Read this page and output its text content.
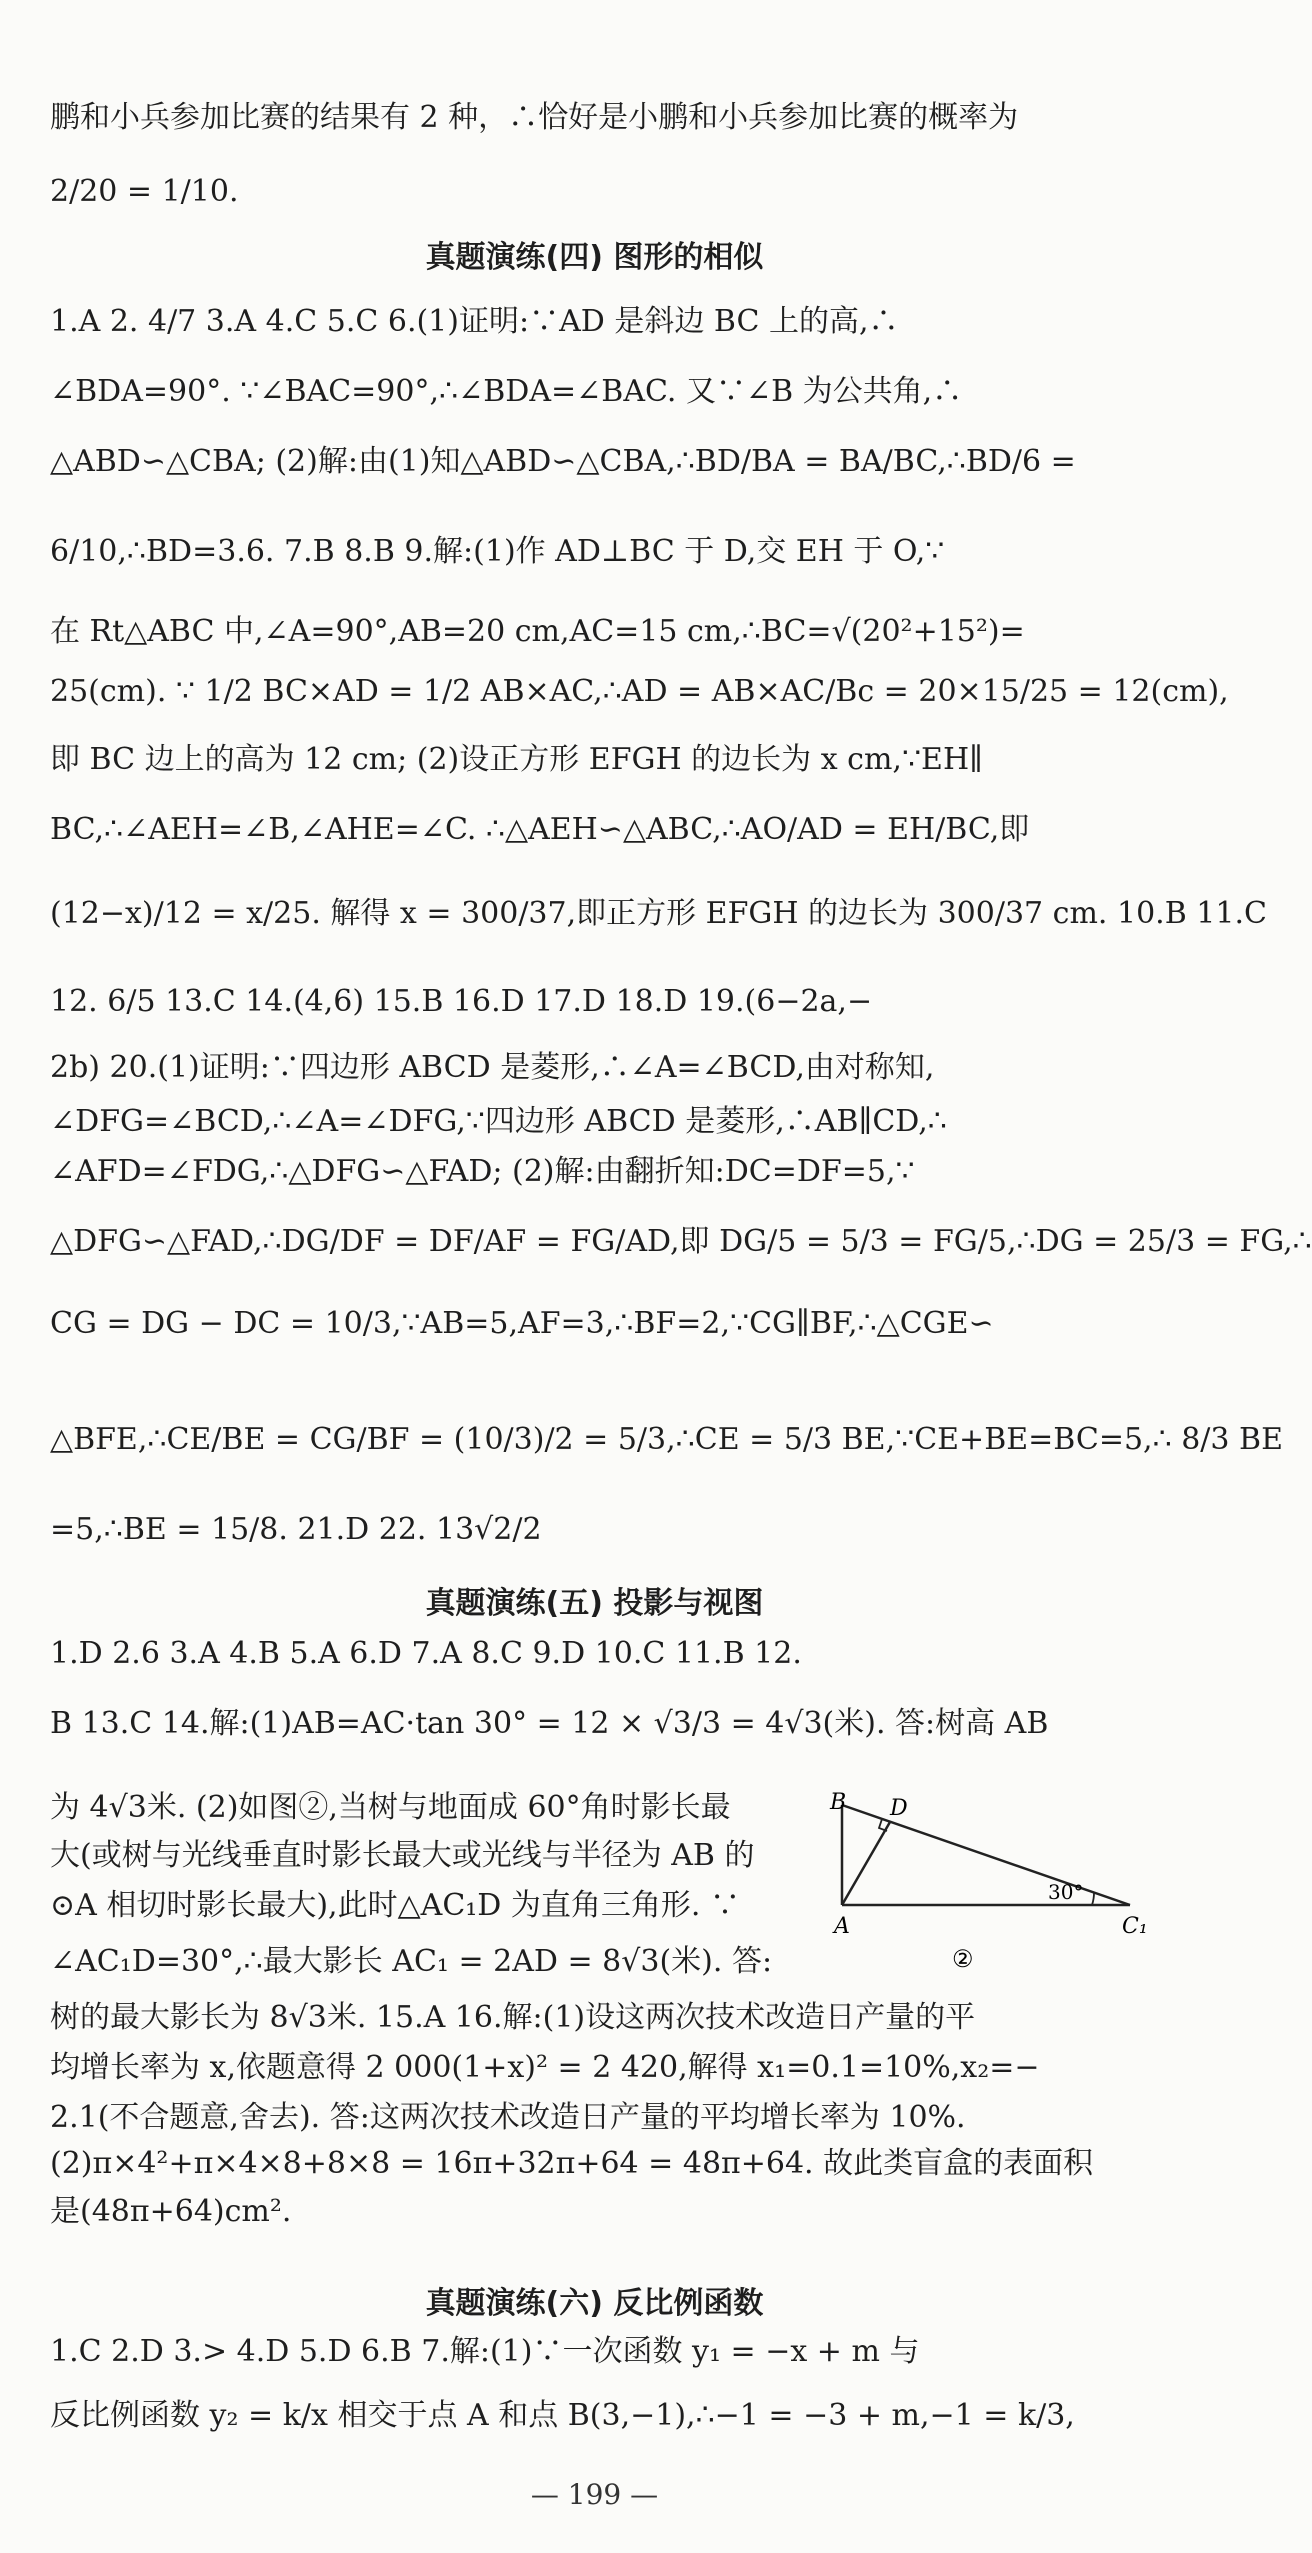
鹏和小兵参加比赛的结果有 2 种，∴恰好是小鹏和小兵参加比赛的概率为
2/20 = 1/10.
真题演练(四) 图形的相似
1.A 2. 4/7 3.A 4.C 5.C 6.(1)证明:∵AD 是斜边 BC 上的高,∴
∠BDA=90°. ∵∠BAC=90°,∴∠BDA=∠BAC. 又∵∠B 为公共角,∴
△ABD∽△CBA; (2)解:由(1)知△ABD∽△CBA,∴BD/BA = BA/BC,∴BD/6 =
6/10,∴BD=3.6. 7.B 8.B 9.解:(1)作 AD⊥BC 于 D,交 EH 于 O,∵
在 Rt△ABC 中,∠A=90°,AB=20 cm,AC=15 cm,∴BC=√(20²+15²)=
25(cm). ∵ 1/2 BC×AD = 1/2 AB×AC,∴AD = AB×AC/Bc = 20×15/25 = 12(cm),
即 BC 边上的高为 12 cm; (2)设正方形 EFGH 的边长为 x cm,∵EH∥
BC,∴∠AEH=∠B,∠AHE=∠C. ∴△AEH∽△ABC,∴AO/AD = EH/BC,即
(12−x)/12 = x/25. 解得 x = 300/37,即正方形 EFGH 的边长为 300/37 cm. 10.B 11.C
12. 6/5 13.C 14.(4,6) 15.B 16.D 17.D 18.D 19.(6−2a,−
2b) 20.(1)证明:∵四边形 ABCD 是菱形,∴∠A=∠BCD,由对称知,
∠DFG=∠BCD,∴∠A=∠DFG,∵四边形 ABCD 是菱形,∴AB∥CD,∴
∠AFD=∠FDG,∴△DFG∽△FAD; (2)解:由翻折知:DC=DF=5,∵
△DFG∽△FAD,∴DG/DF = DF/AF = FG/AD,即 DG/5 = 5/3 = FG/5,∴DG = 25/3 = FG,∴
CG = DG − DC = 10/3,∵AB=5,AF=3,∴BF=2,∵CG∥BF,∴△CGE∽
△BFE,∴CE/BE = CG/BF = (10/3)/2 = 5/3,∴CE = 5/3 BE,∵CE+BE=BC=5,∴ 8/3 BE
=5,∴BE = 15/8. 21.D 22. 13√2/2
真题演练(五) 投影与视图
1.D 2.6 3.A 4.B 5.A 6.D 7.A 8.C 9.D 10.C 11.B 12.
B 13.C 14.解:(1)AB=AC·tan 30° = 12 × √3/3 = 4√3(米). 答:树高 AB
为 4√3米. (2)如图②,当树与地面成 60°角时影长最
大(或树与光线垂直时影长最大或光线与半径为 AB 的
⊙A 相切时影长最大),此时△AC₁D 为直角三角形. ∵
∠AC₁D=30°,∴最大影长 AC₁ = 2AD = 8√3(米). 答:
树的最大影长为 8√3米. 15.A 16.解:(1)设这两次技术改造日产量的平
均增长率为 x,依题意得 2 000(1+x)² = 2 420,解得 x₁=0.1=10%,x₂=−
2.1(不合题意,舍去). 答:这两次技术改造日产量的平均增长率为 10%.
(2)π×4²+π×4×8+8×8 = 16π+32π+64 = 48π+64. 故此类盲盒的表面积
是(48π+64)cm².
B D
30°
A	C₁
②
真题演练(六) 反比例函数
1.C 2.D 3.> 4.D 5.D 6.B 7.解:(1)∵一次函数 y₁ = −x + m 与
反比例函数 y₂ = k/x 相交于点 A 和点 B(3,−1),∴−1 = −3 + m,−1 = k/3,
— 199 —
